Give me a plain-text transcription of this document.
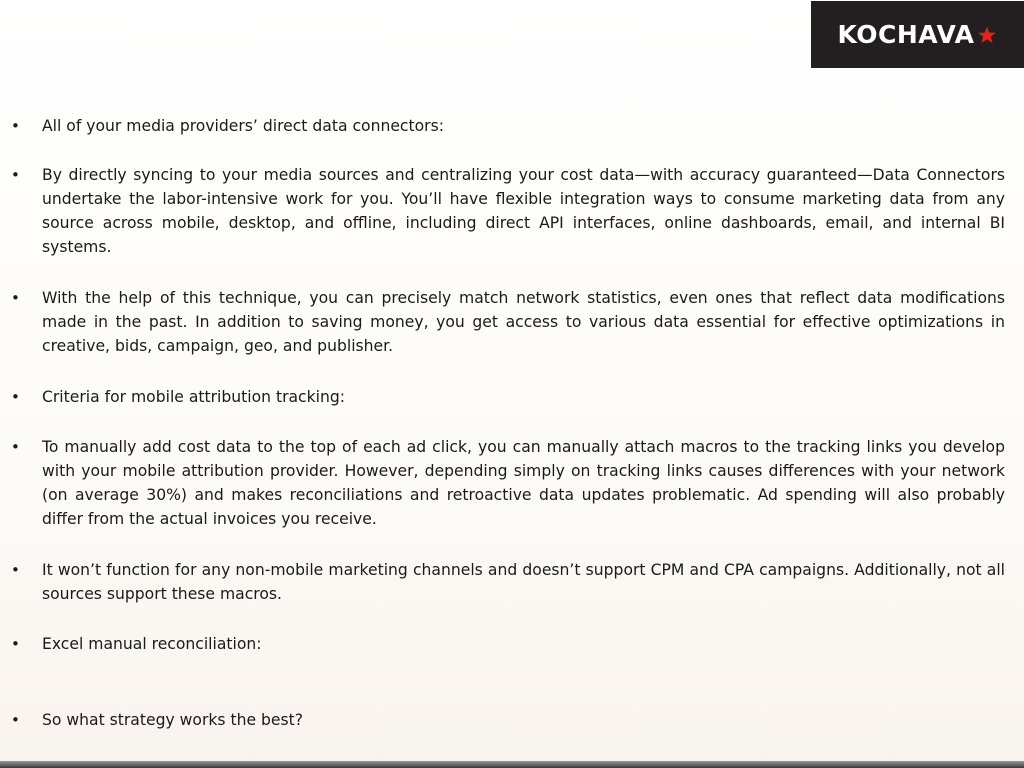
KOCHAVA
• All of your media providers’ direct data connectors:

• By directly syncing to your media sources and centralizing your cost data—with accuracy guaranteed—Data Connectors undertake the labor-intensive work for you. You’ll have flexible integration ways to consume marketing data from any source across mobile, desktop, and offline, including direct API interfaces, online dashboards, email, and internal BI systems.

• With the help of this technique, you can precisely match network statistics, even ones that reflect data modifications made in the past. In addition to saving money, you get access to various data essential for effective optimizations in creative, bids, campaign, geo, and publisher.

• Criteria for mobile attribution tracking:

• To manually add cost data to the top of each ad click, you can manually attach macros to the tracking links you develop with your mobile attribution provider. However, depending simply on tracking links causes differences with your network (on average 30%) and makes reconciliations and retroactive data updates problematic. Ad spending will also probably differ from the actual invoices you receive.

• It won’t function for any non-mobile marketing channels and doesn’t support CPM and CPA campaigns. Additionally, not all sources support these macros.

• Excel manual reconciliation:

• So what strategy works the best?
